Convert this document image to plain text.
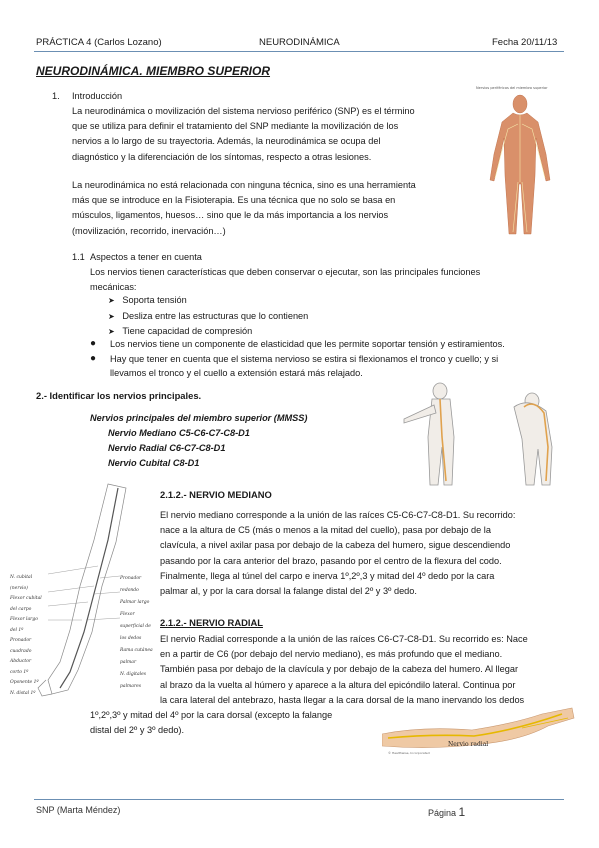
PRÁCTICA 4 (Carlos Lozano)	NEURODINÁMICA	Fecha 20/11/13
NEURODINÁMICA. MIEMBRO SUPERIOR
1. Introducción
La neurodinámica o movilización del sistema nervioso periférico (SNP) es el término
que se utiliza para definir el tratamiento del SNP mediante la movilización de los
nervios a lo largo de su trayectoria. Además, la neurodinámica se ocupa del
diagnóstico y la diferenciación de los síntomas, respecto a otras lesiones.
La neurodinámica no está relacionada con ninguna técnica, sino es una herramienta
más que se introduce en la Fisioterapia. Es una técnica que no solo se basa en
músculos, ligamentos, huesos… sino que le da más importancia a los nervios
(movilización, recorrido, inervación…)
1.1 Aspectos a tener en cuenta
Los nervios tienen características que deben conservar o ejecutar, son las principales funciones
mecánicas:
➤ Soporta tensión
➤ Desliza entre las estructuras que lo contienen
➤ Tiene capacidad de compresión
● Los nervios tiene un componente de elasticidad que les permite soportar tensión y estiramientos.
● Hay que tener en cuenta que el sistema nervioso se estira si flexionamos el tronco y cuello; y si
llevamos el tronco y el cuello a extensión estará más relajado.
2.- Identificar los nervios principales.
Nervios principales del miembro superior (MMSS)
Nervio Mediano C5-C6-C7-C8-D1
Nervio Radial C6-C7-C8-D1
Nervio Cubital C8-D1
2.1.2.- NERVIO MEDIANO
El nervio mediano corresponde a la unión de las raíces C5-C6-C7-C8-D1. Su recorrido:
nace a la altura de C5 (más o menos a la mitad del cuello), pasa por debajo de la
clavícula, a nivel axilar pasa por debajo de la cabeza del humero, sigue descendiendo
pasando por la cara anterior del brazo, pasando por el centro de la flexura del codo.
Finalmente, llega al túnel del carpo e inerva 1º,2º,3 y mitad del 4º dedo por la cara
palmar al, y por la cara dorsal la falange distal del 2º y 3º dedo.
2.1.2.- NERVIO RADIAL
El nervio Radial corresponde a la unión de las raíces C6-C7-C8-D1. Su recorrido es: Nace
en a partir de C6 (por debajo del nervio mediano), es más profundo que el mediano.
También pasa por debajo de la clavícula y por debajo de la cabeza del humero. Al llegar
al brazo da la vuelta al húmero y aparece a la altura del epicóndilo lateral. Continua por
la cara lateral del antebrazo, hasta llegar a la cara dorsal de la mano inervando los dedos
1º,2º,3º y mitad del 4º por la cara dorsal (excepto la falange
distal del 2º y 3º dedo).
Nervios periféricos del miembro superior
N. cubital (nervio)
Flexor cubital del carpo
Flexor largo del 1º
Pronador cuadrado
Abductor corto 1º
Oponente 1º
N. distal 1º
Pronador redondo
Palmar largo
Flexor superficial de los dedos
Rama cutánea palmar
N. digitales palmares
Nervio radial
© Healthwise, Incorporated
SNP (Marta Méndez)	Página 1
